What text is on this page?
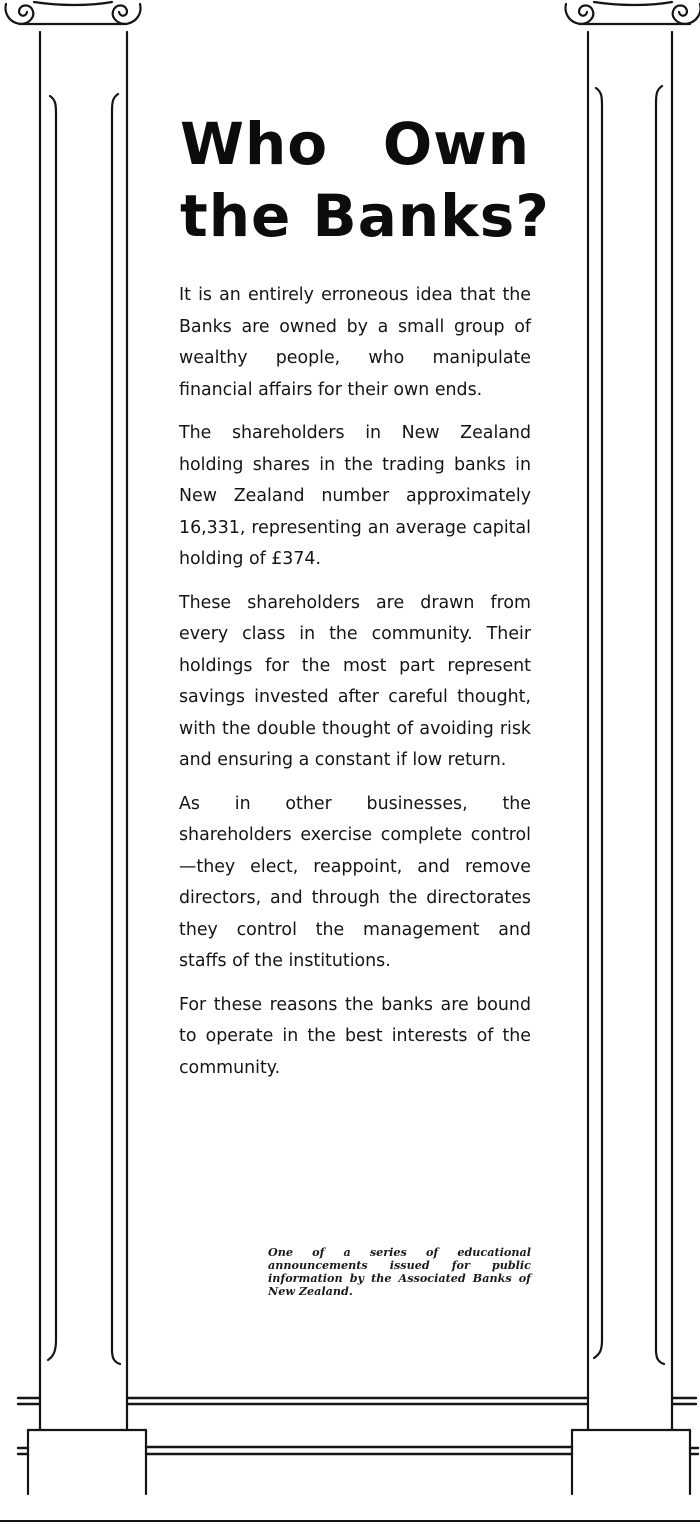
Who Own
the Banks?

It is an entirely erroneous idea that the Banks are owned by a small group of wealthy people, who manipulate financial affairs for their own ends.

The shareholders in New Zealand holding shares in the trading banks in New Zealand number approximately 16,331, representing an average capital holding of £374.

These shareholders are drawn from every class in the community. Their holdings for the most part represent savings invested after careful thought, with the double thought of avoiding risk and ensuring a constant if low return.

As in other businesses, the shareholders exercise complete control—they elect, reappoint, and remove directors, and through the directorates they control the management and staffs of the institutions.

For these reasons the banks are bound to operate in the best interests of the community.

One of a series of educational announcements issued for public information by the Associated Banks of New Zealand.
